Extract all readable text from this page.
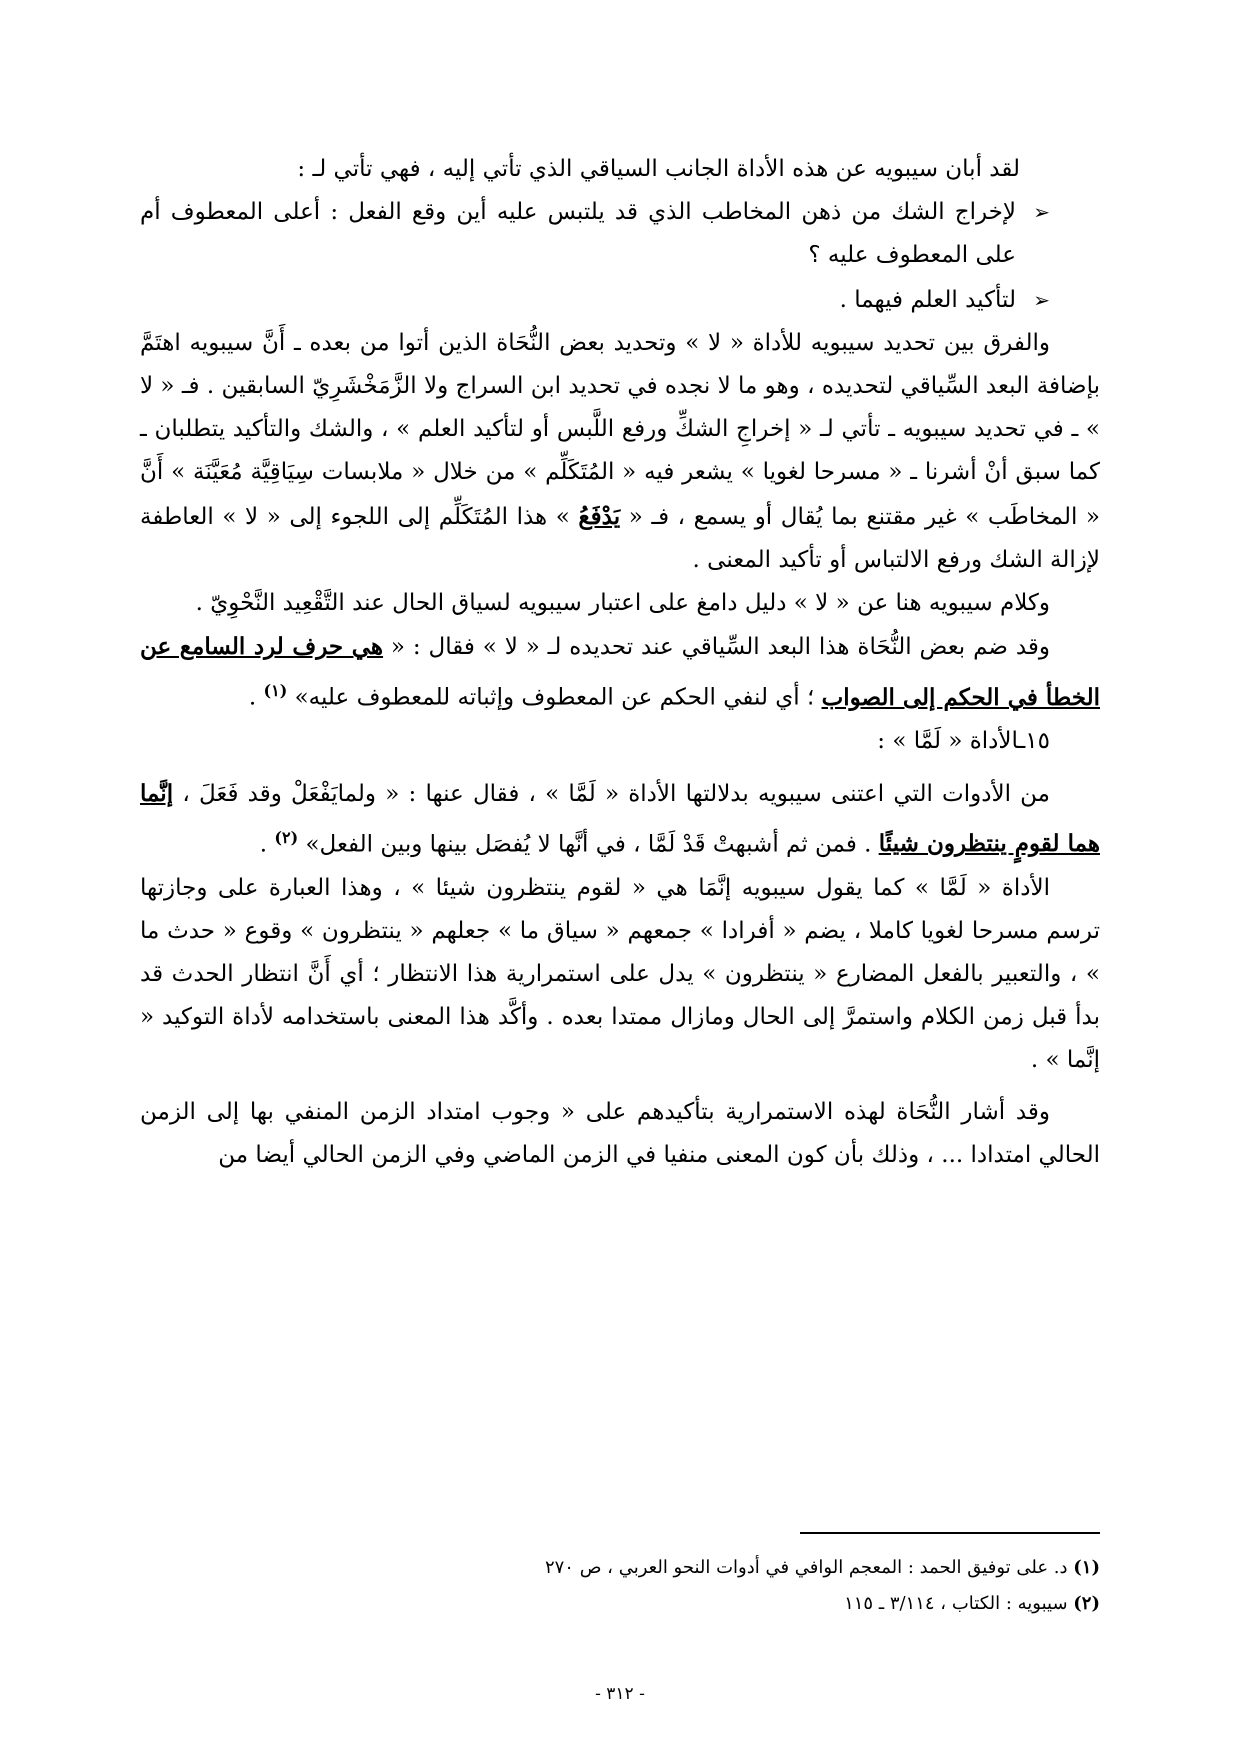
لقد أبان سيبويه عن هذه الأداة الجانب السياقي الذي تأتي إليه ، فهي تأتي لـ :

➢
لإخراج الشك من ذهن المخاطب الذي قد يلتبس عليه أين وقع الفعل : أعلى المعطوف أم على المعطوف عليه ؟
➢
لتأكيد العلم فيهما .

والفرق بين تحديد سيبويه للأداة « لا » وتحديد بعض النُّحَاة الذين أتوا من بعده ـ أَنَّ سيبويه اهتَمَّ بإضافة البعد السِّياقي لتحديده ، وهو ما لا نجده في تحديد ابن السراج ولا الزَّمَخْشَرِيّ السابقين . فـ « لا » ـ في تحديد سيبويه ـ تأتي لـ « إخراجِ الشكِّ ورفع اللَّبس أو لتأكيد العلم » ، والشك والتأكيد يتطلبان ـ كما سبق أنْ أشرنا ـ « مسرحا لغويا » يشعر فيه « المُتَكَلِّم » من خلال « ملابسات سِيَاقِيَّة مُعَيَّنَة » أَنَّ « المخاطَب » غير مقتنع بما يُقال أو يسمع ، فـ « يَدْفَعُ » هذا المُتَكَلِّم إلى اللجوء إلى « لا » العاطفة لإزالة الشك ورفع الالتباس أو تأكيد المعنى .

وكلام سيبويه هنا عن « لا » دليل دامغ على اعتبار سيبويه لسياق الحال عند التَّقْعِيد النَّحْوِيّ .

وقد ضم بعض النُّحَاة هذا البعد السِّياقي عند تحديده لـ « لا » فقال : « هي حرف لرد السامع عن الخطأ في الحكم إلى الصواب ؛ أي لنفي الحكم عن المعطوف وإثباته للمعطوف عليه» $^{(١)}$ .

١٥ـالأداة « لَمَّا » :

من الأدوات التي اعتنى سيبويه بدلالتها الأداة « لَمَّا » ، فقال عنها : « ولمايَفْعَلْ وقد فَعَلَ ، إنَّما هما لقومٍ ينتظرون شيئًا . فمن ثم أشبهتْ قَدْ لَمَّا ، في أنَّها لا يُفصَل بينها وبين الفعل» $^{(٢)}$ .

الأداة « لَمَّا » كما يقول سيبويه إنَّمَا هي « لقوم ينتظرون شيئا » ، وهذا العبارة على وجازتها ترسم مسرحا لغويا كاملا ، يضم « أفرادا » جمعهم « سياق ما » جعلهم « ينتظرون » وقوع « حدث ما » ، والتعبير بالفعل المضارع « ينتظرون » يدل على استمرارية هذا الانتظار ؛ أي أَنَّ انتظار الحدث قد بدأ قبل زمن الكلام واستمرَّ إلى الحال ومازال ممتدا بعده . وأكَّد هذا المعنى باستخدامه لأداة التوكيد « إنَّما » .

وقد أشار النُّحَاة لهذه الاستمرارية بتأكيدهم على « وجوب امتداد الزمن المنفي بها إلى الزمن الحالي امتدادا ... ، وذلك بأن كون المعنى منفيا في الزمن الماضي وفي الزمن الحالي أيضا من

(١) د. على توفيق الحمد : المعجم الوافي في أدوات النحو العربي ، ص ٢٧٠
(٢) سيبويه : الكتاب ، ٣/١١٤ ـ ١١٥
- ٣١٢ -
